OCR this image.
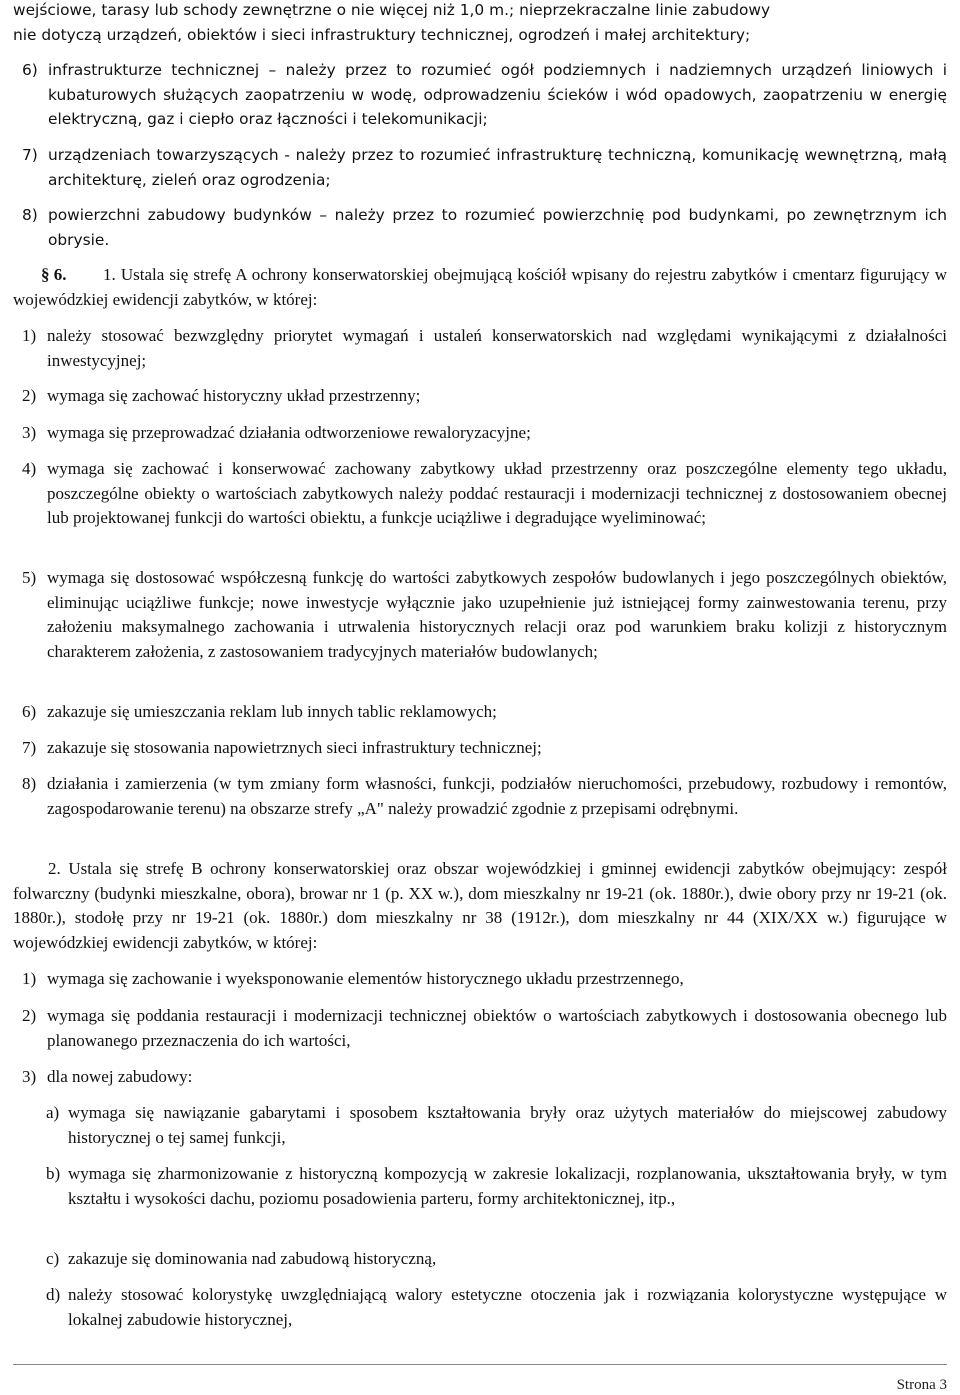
wejściowe, tarasy lub schody zewnętrzne o nie więcej niż 1,0 m.; nieprzekraczalne linie zabudowy
nie dotyczą urządzeń, obiektów i sieci infrastruktury technicznej, ogrodzeń i małej architektury;

6) infrastrukturze technicznej – należy przez to rozumieć ogół podziemnych i nadziemnych urządzeń liniowych i kubaturowych służących zaopatrzeniu w wodę, odprowadzeniu ścieków i wód opadowych, zaopatrzeniu w energię elektryczną, gaz i ciepło oraz łączności i telekomunikacji;

7) urządzeniach towarzyszących - należy przez to rozumieć infrastrukturę techniczną, komunikację wewnętrzną, małą architekturę, zieleń oraz ogrodzenia;

8) powierzchni zabudowy budynków – należy przez to rozumieć powierzchnię pod budynkami, po zewnętrznym ich obrysie.

§ 6.	1. Ustala się strefę A ochrony konserwatorskiej obejmującą kościół wpisany do rejestru zabytków i cmentarz figurujący w wojewódzkiej ewidencji zabytków, w której:

1) należy stosować bezwzględny priorytet wymagań i ustaleń konserwatorskich nad względami wynikającymi z działalności inwestycyjnej;

2) wymaga się zachować historyczny układ przestrzenny;

3) wymaga się przeprowadzać działania odtworzeniowe rewaloryzacyjne;

4) wymaga się zachować i konserwować zachowany zabytkowy układ przestrzenny oraz poszczególne elementy tego układu, poszczególne obiekty o wartościach zabytkowych należy poddać restauracji i modernizacji technicznej z dostosowaniem obecnej lub projektowanej funkcji do wartości obiektu, a funkcje uciążliwe i degradujące wyeliminować;

5) wymaga się dostosować współczesną funkcję do wartości zabytkowych zespołów budowlanych i jego poszczególnych obiektów, eliminując uciążliwe funkcje; nowe inwestycje wyłącznie jako uzupełnienie już istniejącej formy zainwestowania terenu, przy założeniu maksymalnego zachowania i utrwalenia historycznych relacji oraz pod warunkiem braku kolizji z historycznym charakterem założenia, z zastosowaniem tradycyjnych materiałów budowlanych;

6) zakazuje się umieszczania reklam lub innych tablic reklamowych;

7) zakazuje się stosowania napowietrznych sieci infrastruktury technicznej;

8) działania i zamierzenia (w tym zmiany form własności, funkcji, podziałów nieruchomości, przebudowy, rozbudowy i remontów, zagospodarowanie terenu) na obszarze strefy „A" należy prowadzić zgodnie z przepisami odrębnymi.

2. Ustala się strefę B ochrony konserwatorskiej oraz obszar wojewódzkiej i gminnej ewidencji zabytków obejmujący: zespół folwarczny (budynki mieszkalne, obora), browar nr 1 (p. XX w.), dom mieszkalny nr 19-21 (ok. 1880r.), dwie obory przy nr 19-21 (ok. 1880r.), stodołę przy nr 19-21 (ok. 1880r.) dom mieszkalny nr 38 (1912r.), dom mieszkalny nr 44 (XIX/XX w.) figurujące w wojewódzkiej ewidencji zabytków, w której:

1) wymaga się zachowanie i wyeksponowanie elementów historycznego układu przestrzennego,

2) wymaga się poddania restauracji i modernizacji technicznej obiektów o wartościach zabytkowych i dostosowania obecnego lub planowanego przeznaczenia do ich wartości,

3) dla nowej zabudowy:

a) wymaga się nawiązanie gabarytami i sposobem kształtowania bryły oraz użytych materiałów do miejscowej zabudowy historycznej o tej samej funkcji,

b) wymaga się zharmonizowanie z historyczną kompozycją w zakresie lokalizacji, rozplanowania, ukształtowania bryły, w tym kształtu i wysokości dachu, poziomu posadowienia parteru, formy architektonicznej, itp.,

c) zakazuje się dominowania nad zabudową historyczną,

d) należy stosować kolorystykę uwzględniającą walory estetyczne otoczenia jak i rozwiązania kolorystyczne występujące w lokalnej zabudowie historycznej,

Strona 3
